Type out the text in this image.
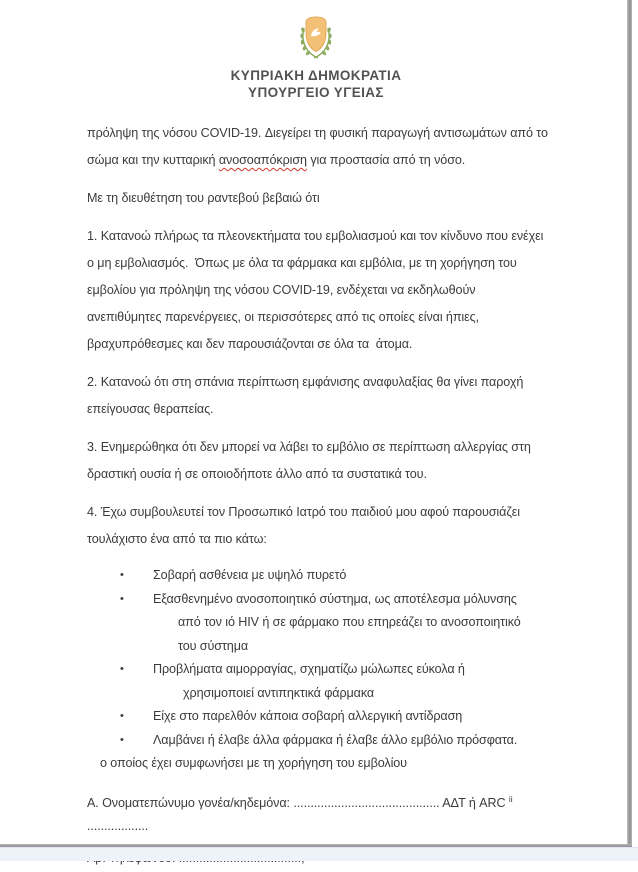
ΚΥΠΡΙΑΚΗ ΔΗΜΟΚΡΑΤΙΑ
ΥΠΟΥΡΓΕΙΟ ΥΓΕΙΑΣ
πρόληψη της νόσου COVID-19. Διεγείρει τη φυσική παραγωγή αντισωμάτων από το
σώμα και την κυτταρική ανοσοαπόκριση για προστασία από τη νόσο.
Με τη διευθέτηση του ραντεβού βεβαιώ ότι
1. Κατανοώ πλήρως τα πλεονεκτήματα του εμβολιασμού και τον κίνδυνο που ενέχει
ο μη εμβολιασμός.  Όπως με όλα τα φάρμακα και εμβόλια, με τη χορήγηση του
εμβολίου για πρόληψη της νόσου COVID-19, ενδέχεται να εκδηλωθούν
ανεπιθύμητες παρενέργειες, οι περισσότερες από τις οποίες είναι ήπιες,
βραχυπρόθεσμες και δεν παρουσιάζονται σε όλα τα  άτομα.
2. Κατανοώ ότι στη σπάνια περίπτωση εμφάνισης αναφυλαξίας θα γίνει παροχή
επείγουσας θεραπείας.
3. Ενημερώθηκα ότι δεν μπορεί να λάβει το εμβόλιο σε περίπτωση αλλεργίας στη
δραστική ουσία ή σε οποιοδήποτε άλλο από τα συστατικά του.
4. Έχω συμβουλευτεί τον Προσωπικό Ιατρό του παιδιού μου αφού παρουσιάζει
τουλάχιστο ένα από τα πιο κάτω:
•	Σοβαρή ασθένεια με υψηλό πυρετό
•	Εξασθενημένο ανοσοποιητικό σύστημα, ως αποτέλεσμα μόλυνσης
από τον ιό HIV ή σε φάρμακο που επηρεάζει το ανοσοποιητικό
του σύστημα
•	Προβλήματα αιμορραγίας, σχηματίζω μώλωπες εύκολα ή
χρησιμοποιεί αντιπηκτικά φάρμακα
•	Είχε στο παρελθόν κάποια σοβαρή αλλεργική αντίδραση
•	Λαμβάνει ή έλαβε άλλα φάρμακα ή έλαβε άλλο εμβόλιο πρόσφατα.
ο οποίος έχει συμφωνήσει με τη χορήγηση του εμβολίου
Α. Ονοματεπώνυμο γονέα/κηδεμόνα: ........................................... ΑΔΤ ή ARC $^{ii}$
..................
